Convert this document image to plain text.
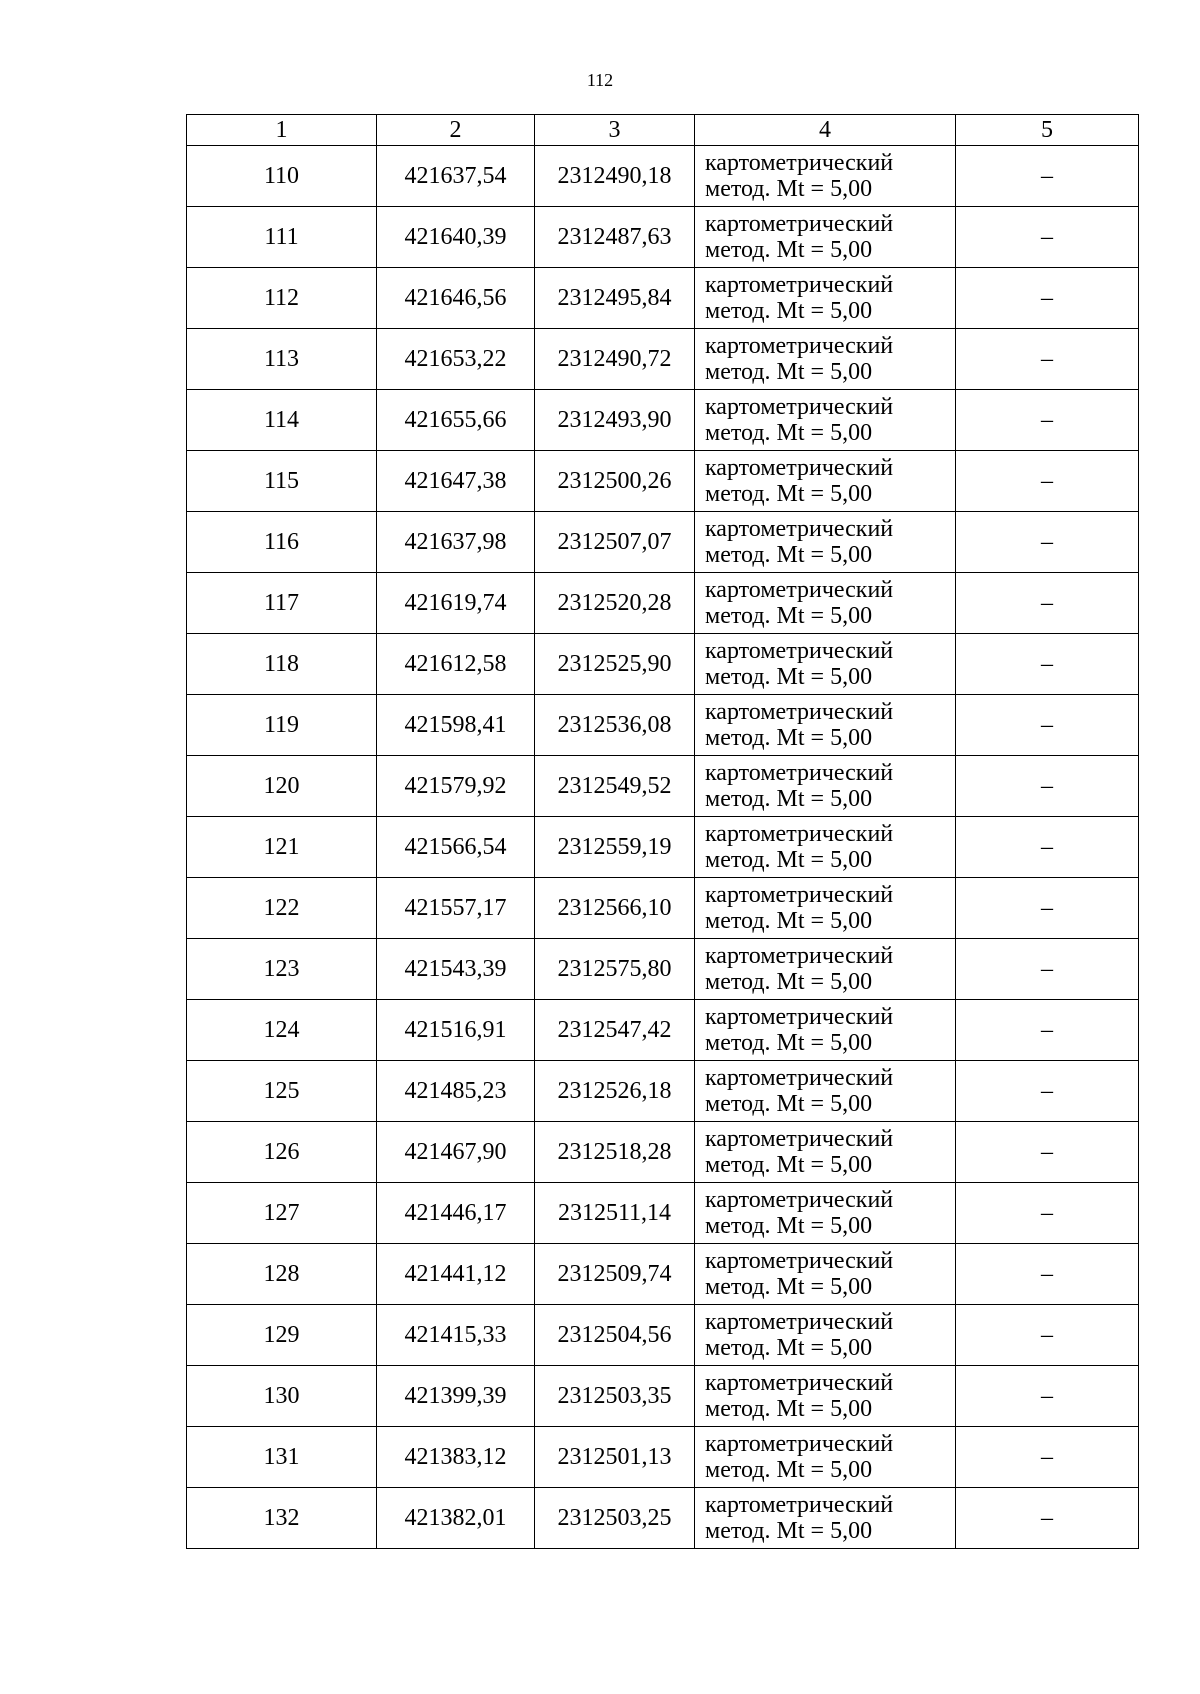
112
1	2	3	4	5
110	421637,54	2312490,18	картометрический
метод. Mt = 5,00	–
111	421640,39	2312487,63	картометрический
метод. Mt = 5,00	–
112	421646,56	2312495,84	картометрический
метод. Mt = 5,00	–
113	421653,22	2312490,72	картометрический
метод. Mt = 5,00	–
114	421655,66	2312493,90	картометрический
метод. Mt = 5,00	–
115	421647,38	2312500,26	картометрический
метод. Mt = 5,00	–
116	421637,98	2312507,07	картометрический
метод. Mt = 5,00	–
117	421619,74	2312520,28	картометрический
метод. Mt = 5,00	–
118	421612,58	2312525,90	картометрический
метод. Mt = 5,00	–
119	421598,41	2312536,08	картометрический
метод. Mt = 5,00	–
120	421579,92	2312549,52	картометрический
метод. Mt = 5,00	–
121	421566,54	2312559,19	картометрический
метод. Mt = 5,00	–
122	421557,17	2312566,10	картометрический
метод. Mt = 5,00	–
123	421543,39	2312575,80	картометрический
метод. Mt = 5,00	–
124	421516,91	2312547,42	картометрический
метод. Mt = 5,00	–
125	421485,23	2312526,18	картометрический
метод. Mt = 5,00	–
126	421467,90	2312518,28	картометрический
метод. Mt = 5,00	–
127	421446,17	2312511,14	картометрический
метод. Mt = 5,00	–
128	421441,12	2312509,74	картометрический
метод. Mt = 5,00	–
129	421415,33	2312504,56	картометрический
метод. Mt = 5,00	–
130	421399,39	2312503,35	картометрический
метод. Mt = 5,00	–
131	421383,12	2312501,13	картометрический
метод. Mt = 5,00	–
132	421382,01	2312503,25	картометрический
метод. Mt = 5,00	–
